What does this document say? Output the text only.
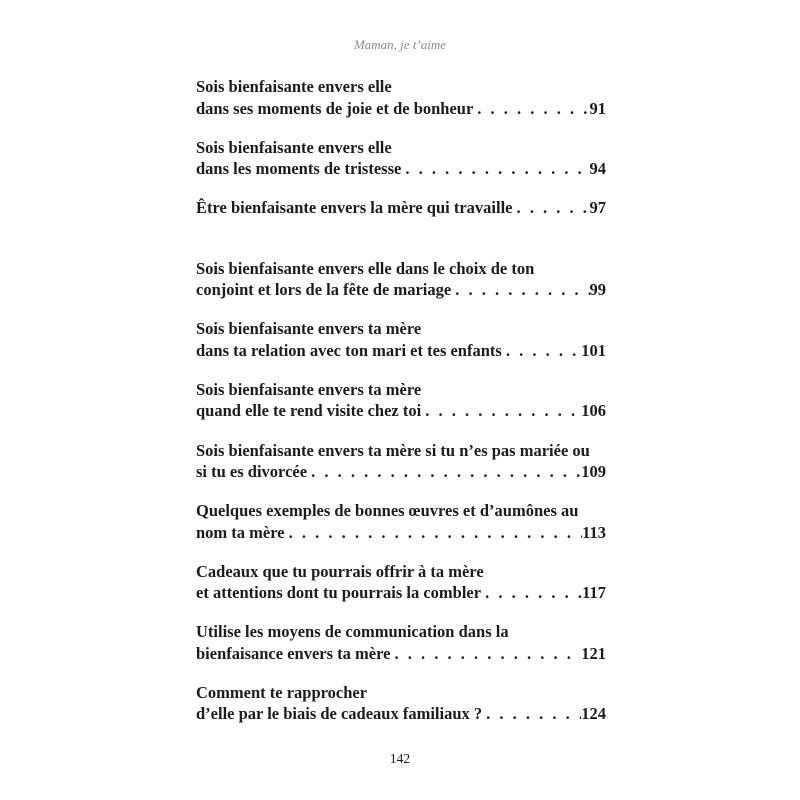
Maman, je t’aime
Sois bienfaisante envers elle
dans ses moments de joie et de bonheur . . .	91
Sois bienfaisante envers elle
dans les moments de tristesse . . .	94
Être bienfaisante envers la mère qui travaille . . .	97
Sois bienfaisante envers elle dans le choix de ton
conjoint et lors de la fête de mariage . . .	99
Sois bienfaisante envers ta mère
dans ta relation avec ton mari et tes enfants . . .	101
Sois bienfaisante envers ta mère
quand elle te rend visite chez toi . . .	106
Sois bienfaisante envers ta mère si tu n’es pas mariée ou
si tu es divorcée . . .	109
Quelques exemples de bonnes œuvres et d’aumônes au
nom ta mère . . .	113
Cadeaux que tu pourrais offrir à ta mère
et attentions dont tu pourrais la combler . . .	117
Utilise les moyens de communication dans la
bienfaisance envers ta mère . . .	121
Comment te rapprocher
d’elle par le biais de cadeaux familiaux ? . . .	124
142
